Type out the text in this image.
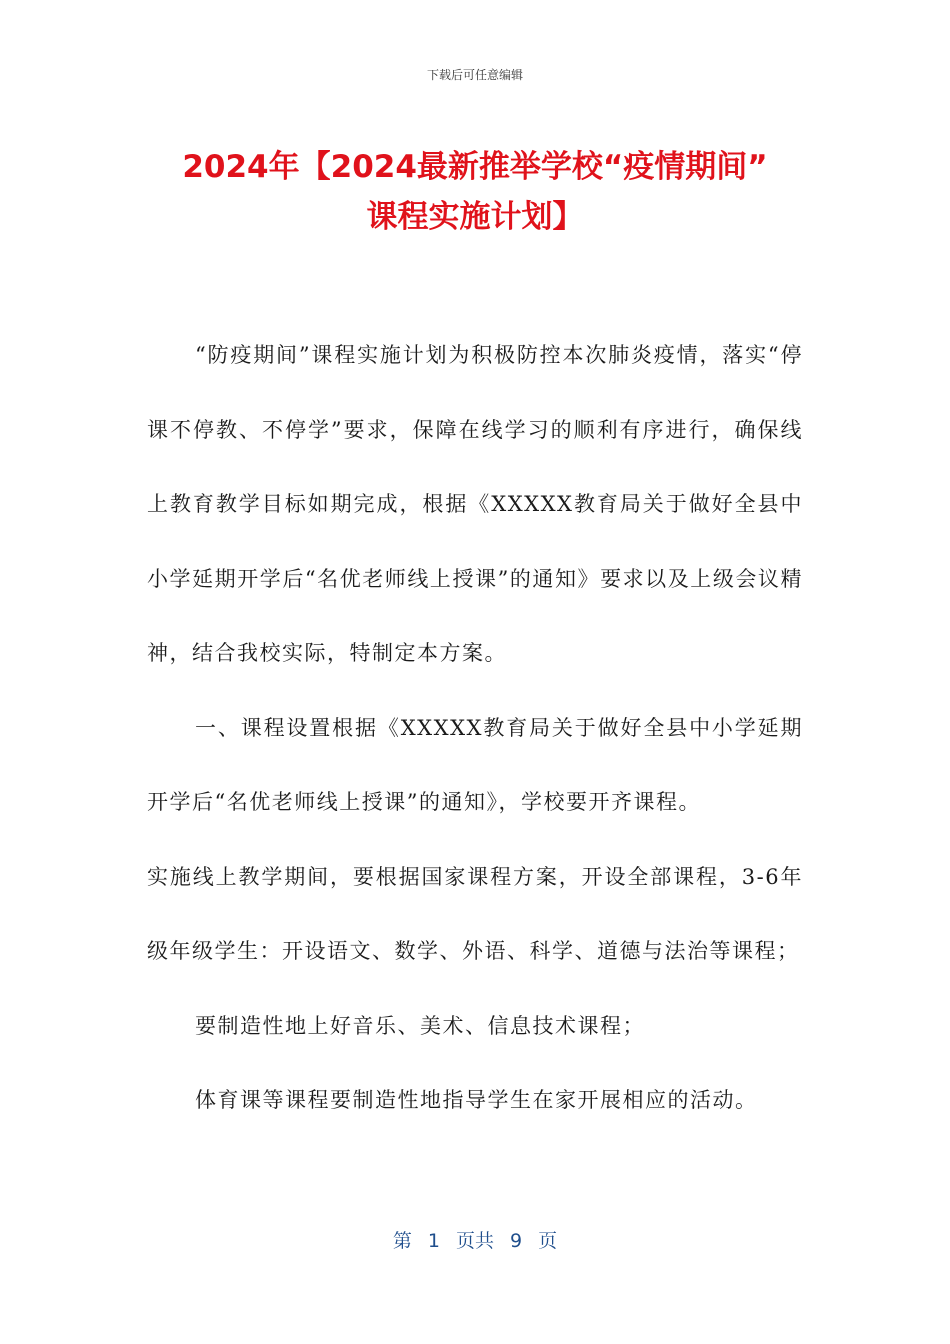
下载后可任意编辑
2024年【2024最新推举学校“疫情期间”
课程实施计划】

“防疫期间”课程实施计划为积极防控本次肺炎疫情，落实“停课不停教、不停学”要求，保障在线学习的顺利有序进行，确保线上教育教学目标如期完成，根据《XXXXX教育局关于做好全县中小学延期开学后“名优老师线上授课”的通知》要求以及上级会议精神，结合我校实际，特制定本方案。

一、课程设置根据《XXXXX教育局关于做好全县中小学延期开学后“名优老师线上授课”的通知》，学校要开齐课程。

实施线上教学期间，要根据国家课程方案，开设全部课程，3-6年级年级学生：开设语文、数学、外语、科学、道德与法治等课程；

要制造性地上好音乐、美术、信息技术课程；

体育课等课程要制造性地指导学生在家开展相应的活动。

第 1 页共 9 页
